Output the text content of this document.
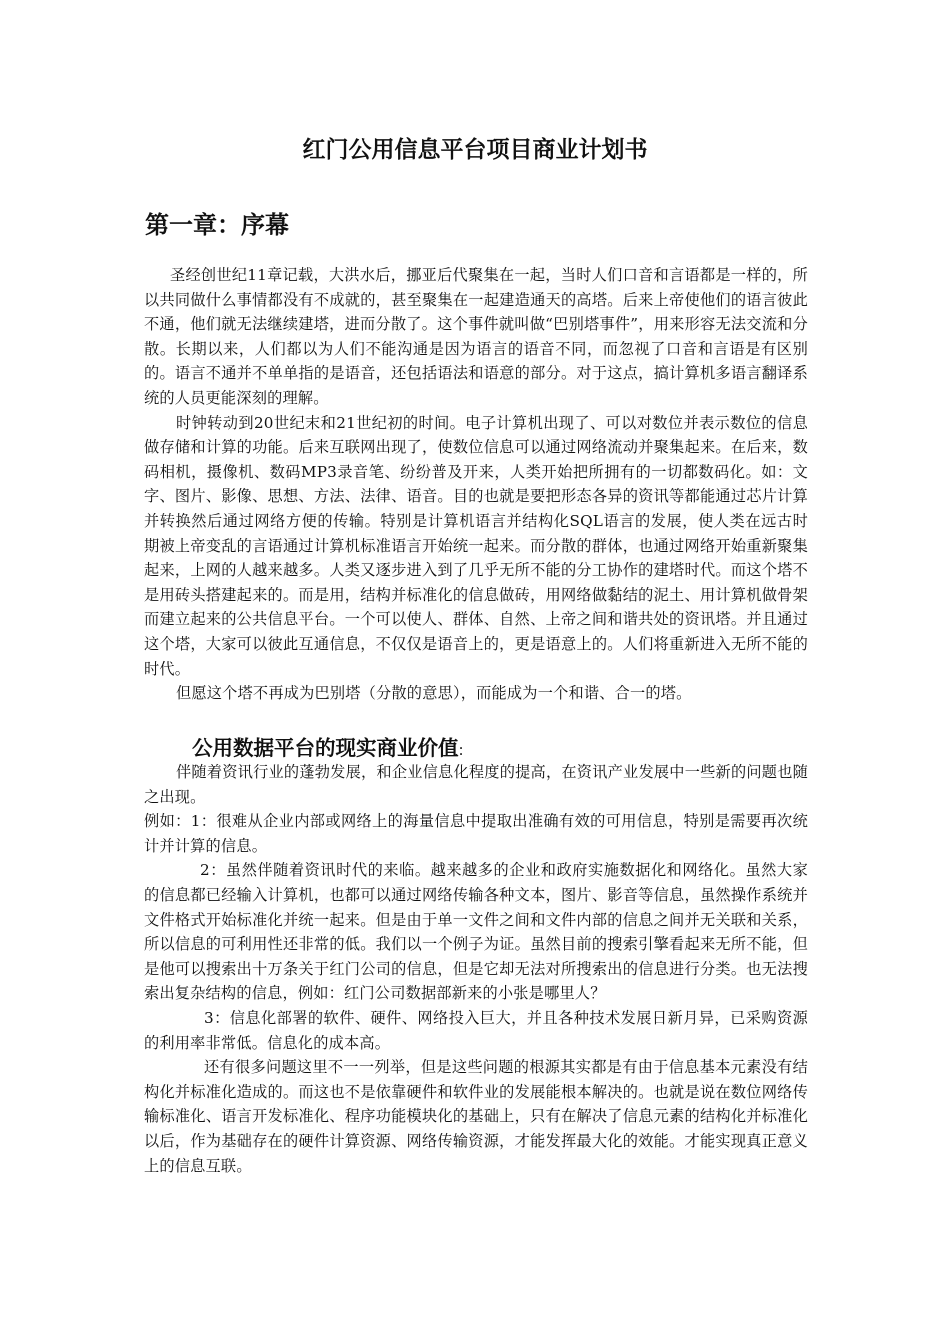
红门公用信息平台项目商业计划书
第一章：序幕

圣经创世纪11章记载，大洪水后，挪亚后代聚集在一起，当时人们口音和言语都是一样的，所以共同做什么事情都没有不成就的，甚至聚集在一起建造通天的高塔。后来上帝使他们的语言彼此不通，他们就无法继续建塔，进而分散了。这个事件就叫做“巴别塔事件”，用来形容无法交流和分散。长期以来，人们都以为人们不能沟通是因为语言的语音不同，而忽视了口音和言语是有区别的。语言不通并不单单指的是语音，还包括语法和语意的部分。对于这点，搞计算机多语言翻译系统的人员更能深刻的理解。

时钟转动到20世纪末和21世纪初的时间。电子计算机出现了、可以对数位并表示数位的信息做存储和计算的功能。后来互联网出现了，使数位信息可以通过网络流动并聚集起来。在后来，数码相机，摄像机、数码MP3录音笔、纷纷普及开来，人类开始把所拥有的一切都数码化。如：文字、图片、影像、思想、方法、法律、语音。目的也就是要把形态各异的资讯等都能通过芯片计算并转换然后通过网络方便的传输。特别是计算机语言并结构化SQL语言的发展，使人类在远古时期被上帝变乱的言语通过计算机标准语言开始统一起来。而分散的群体，也通过网络开始重新聚集起来，上网的人越来越多。人类又逐步进入到了几乎无所不能的分工协作的建塔时代。而这个塔不是用砖头搭建起来的。而是用，结构并标准化的信息做砖，用网络做黏结的泥土、用计算机做骨架而建立起来的公共信息平台。一个可以使人、群体、自然、上帝之间和谐共处的资讯塔。并且通过这个塔，大家可以彼此互通信息，不仅仅是语音上的，更是语意上的。人们将重新进入无所不能的时代。

但愿这个塔不再成为巴别塔（分散的意思），而能成为一个和谐、合一的塔。

公用数据平台的现实商业价值:

伴随着资讯行业的蓬勃发展，和企业信息化程度的提高，在资讯产业发展中一些新的问题也随之出现。

例如：1：很难从企业内部或网络上的海量信息中提取出准确有效的可用信息，特别是需要再次统计并计算的信息。

2：虽然伴随着资讯时代的来临。越来越多的企业和政府实施数据化和网络化。虽然大家的信息都已经输入计算机，也都可以通过网络传输各种文本，图片、影音等信息，虽然操作系统并文件格式开始标准化并统一起来。但是由于单一文件之间和文件内部的信息之间并无关联和关系，所以信息的可利用性还非常的低。我们以一个例子为证。虽然目前的搜索引擎看起来无所不能，但是他可以搜索出十万条关于红门公司的信息，但是它却无法对所搜索出的信息进行分类。也无法搜索出复杂结构的信息，例如：红门公司数据部新来的小张是哪里人？

3：信息化部署的软件、硬件、网络投入巨大，并且各种技术发展日新月异，已采购资源的利用率非常低。信息化的成本高。

还有很多问题这里不一一列举，但是这些问题的根源其实都是有由于信息基本元素没有结构化并标准化造成的。而这也不是依靠硬件和软件业的发展能根本解决的。也就是说在数位网络传输标准化、语言开发标准化、程序功能模块化的基础上，只有在解决了信息元素的结构化并标准化以后，作为基础存在的硬件计算资源、网络传输资源，才能发挥最大化的效能。才能实现真正意义上的信息互联。
